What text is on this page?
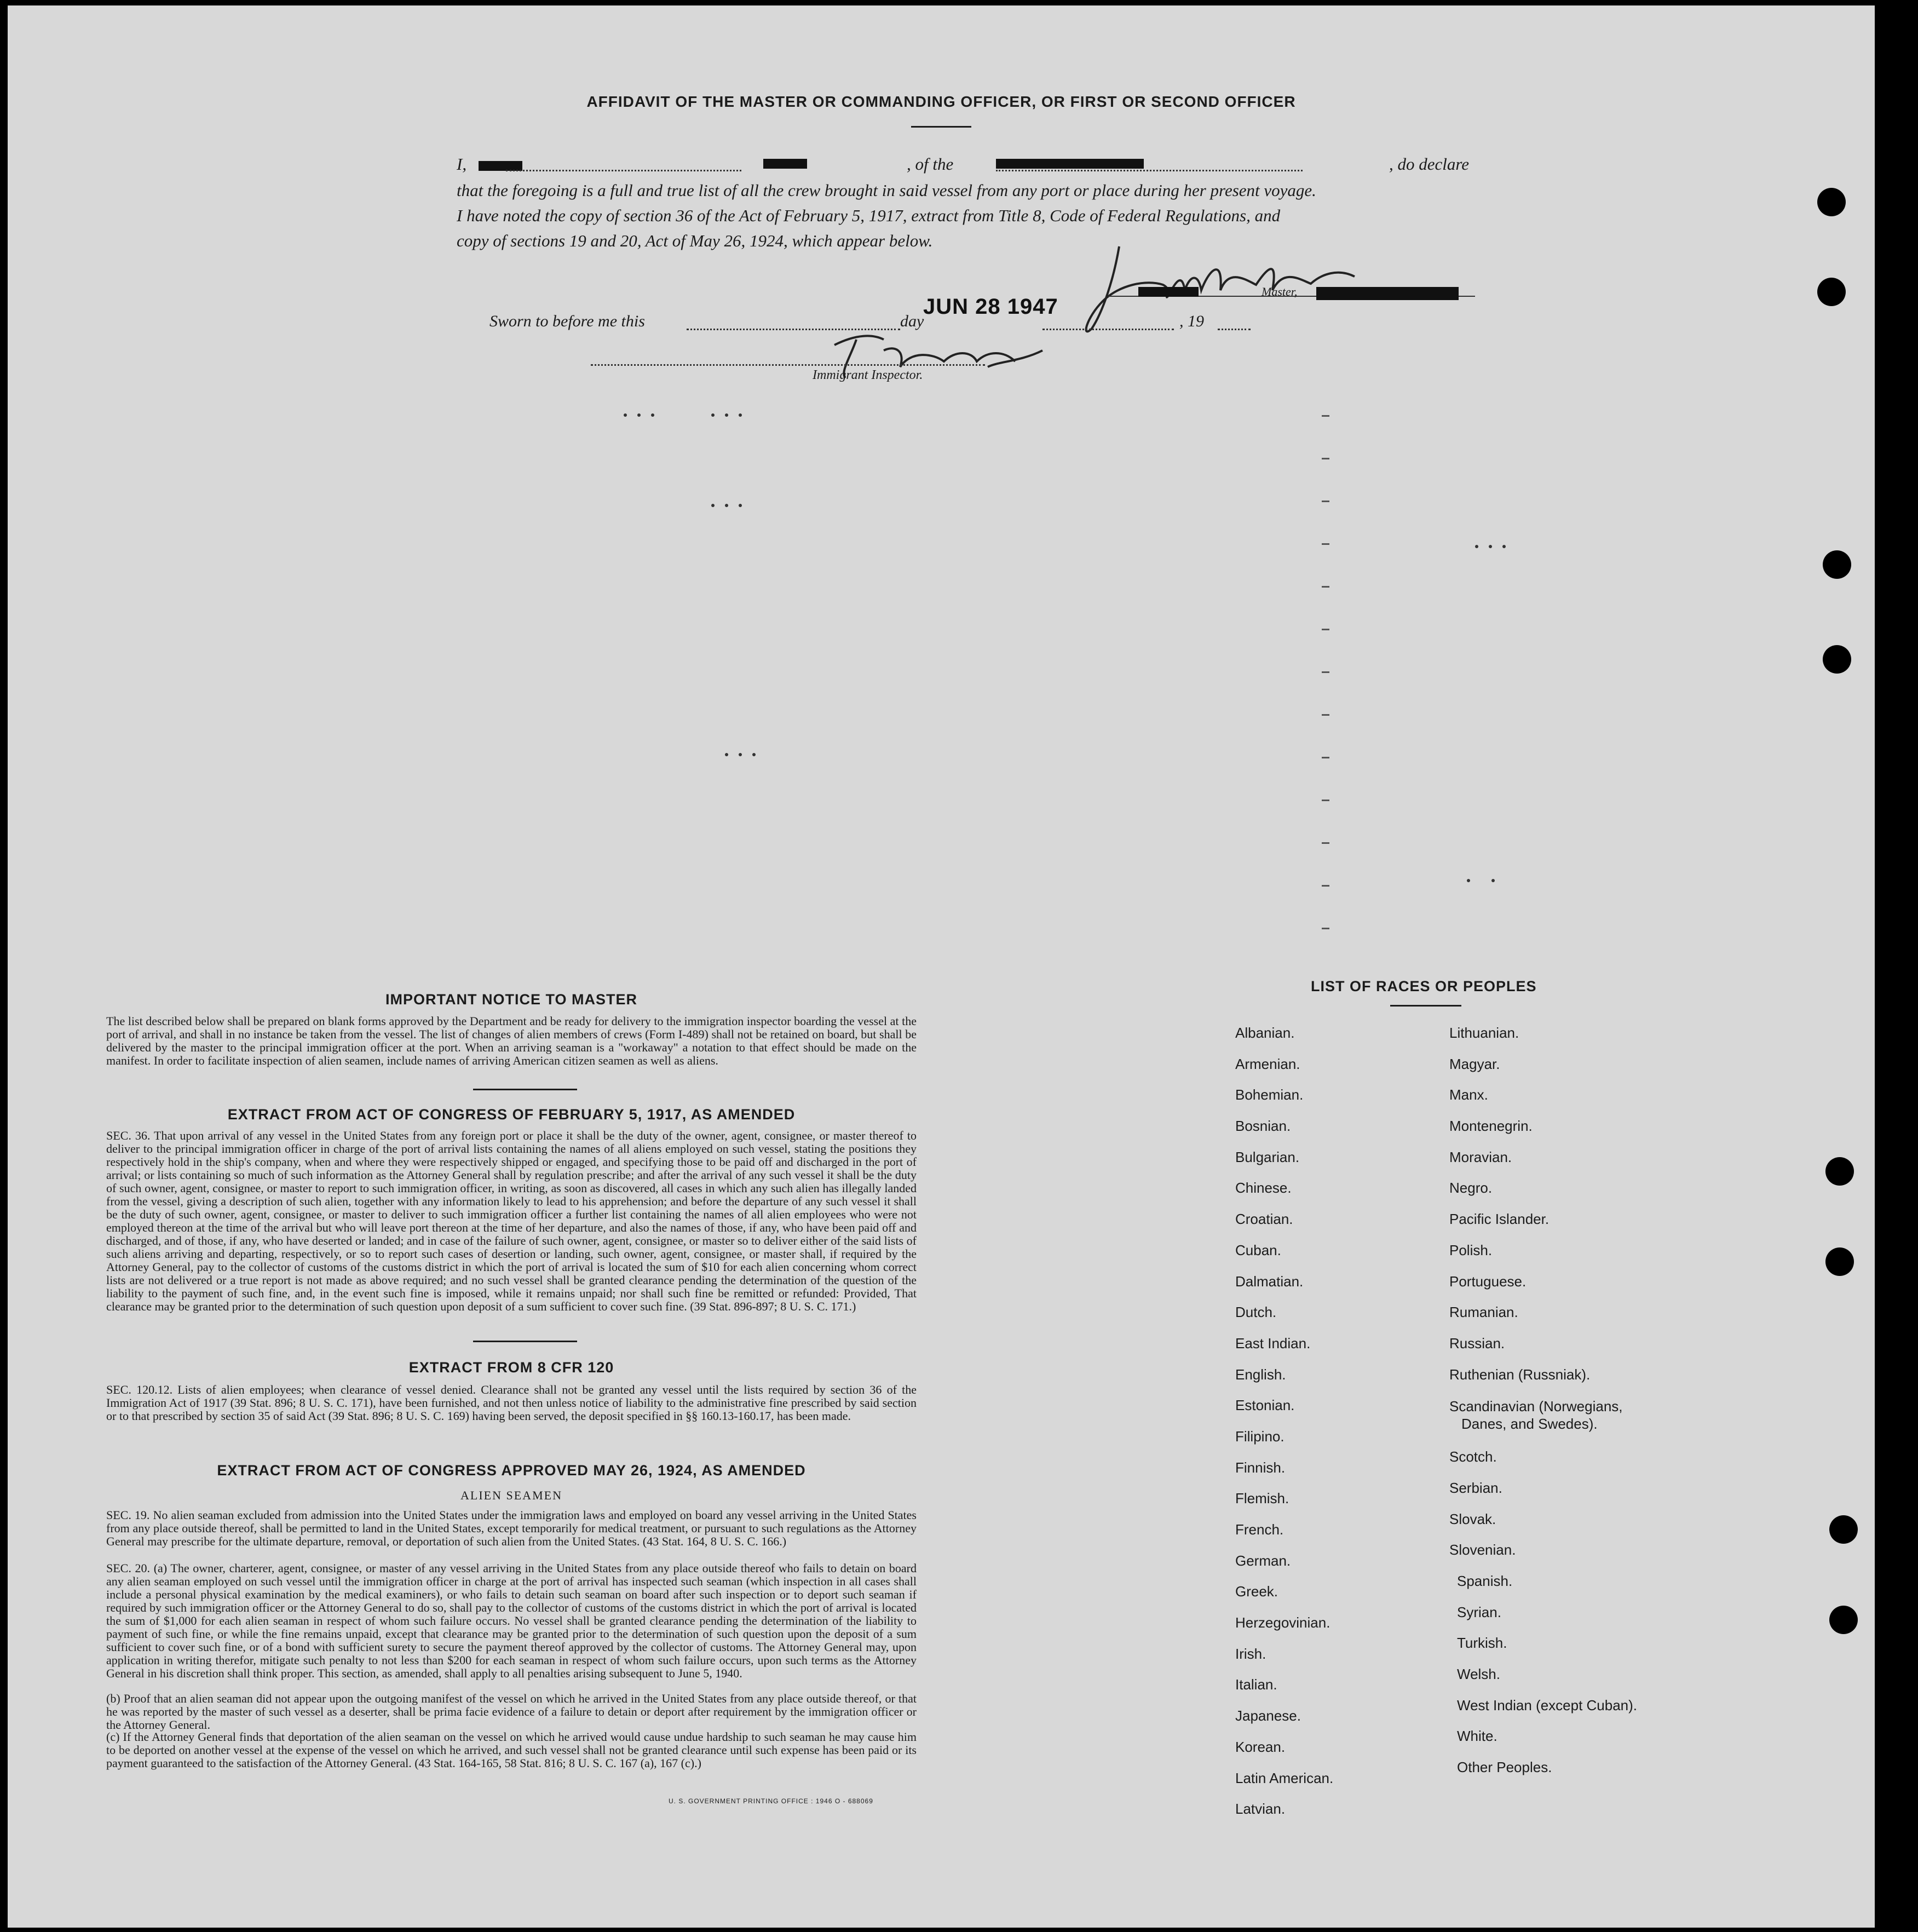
AFFIDAVIT OF THE MASTER OR COMMANDING OFFICER, OR FIRST OR SECOND OFFICER
I,	, of the	, do declare
that the foregoing is a full and true list of all the crew brought in said vessel from any port or place during her present voyage.
I have noted the copy of section 36 of the Act of February 5, 1917, extract from Title 8, Code of Federal Regulations, and
copy of sections 19 and 20, Act of May 26, 1924, which appear below.
Master,
Sworn to before me this	day
JUN 28 1947
, 19
Immigrant Inspector.
IMPORTANT NOTICE TO MASTER
The list described below shall be prepared on blank forms approved by the Department and be ready for delivery to the immigration inspector boarding the vessel at the port of arrival, and shall in no instance be taken from the vessel. The list of changes of alien members of crews (Form I-489) shall not be retained on board, but shall be delivered by the master to the principal immigration officer at the port. When an arriving seaman is a "workaway" a notation to that effect should be made on the manifest. In order to facilitate inspection of alien seamen, include names of arriving American citizen seamen as well as aliens.
EXTRACT FROM ACT OF CONGRESS OF FEBRUARY 5, 1917, AS AMENDED
SEC. 36. That upon arrival of any vessel in the United States from any foreign port or place it shall be the duty of the owner, agent, consignee, or master thereof to deliver to the principal immigration officer in charge of the port of arrival lists containing the names of all aliens employed on such vessel, stating the positions they respectively hold in the ship's company, when and where they were respectively shipped or engaged, and specifying those to be paid off and discharged in the port of arrival; or lists containing so much of such information as the Attorney General shall by regulation prescribe; and after the arrival of any such vessel it shall be the duty of such owner, agent, consignee, or master to report to such immigration officer, in writing, as soon as discovered, all cases in which any such alien has illegally landed from the vessel, giving a description of such alien, together with any information likely to lead to his apprehension; and before the departure of any such vessel it shall be the duty of such owner, agent, consignee, or master to deliver to such immigration officer a further list containing the names of all alien employees who were not employed thereon at the time of the arrival but who will leave port thereon at the time of her departure, and also the names of those, if any, who have been paid off and discharged, and of those, if any, who have deserted or landed; and in case of the failure of such owner, agent, consignee, or master so to deliver either of the said lists of such aliens arriving and departing, respectively, or so to report such cases of desertion or landing, such owner, agent, consignee, or master shall, if required by the Attorney General, pay to the collector of customs of the customs district in which the port of arrival is located the sum of $10 for each alien concerning whom correct lists are not delivered or a true report is not made as above required; and no such vessel shall be granted clearance pending the determination of the question of the liability to the payment of such fine, and, in the event such fine is imposed, while it remains unpaid; nor shall such fine be remitted or refunded: Provided, That clearance may be granted prior to the determination of such question upon deposit of a sum sufficient to cover such fine. (39 Stat. 896-897; 8 U. S. C. 171.)
EXTRACT FROM 8 CFR 120
SEC. 120.12. Lists of alien employees; when clearance of vessel denied. Clearance shall not be granted any vessel until the lists required by section 36 of the Immigration Act of 1917 (39 Stat. 896; 8 U. S. C. 171), have been furnished, and not then unless notice of liability to the administrative fine prescribed by said section or to that prescribed by section 35 of said Act (39 Stat. 896; 8 U. S. C. 169) having been served, the deposit specified in §§ 160.13-160.17, has been made.
EXTRACT FROM ACT OF CONGRESS APPROVED MAY 26, 1924, AS AMENDED
ALIEN SEAMEN
SEC. 19. No alien seaman excluded from admission into the United States under the immigration laws and employed on board any vessel arriving in the United States from any place outside thereof, shall be permitted to land in the United States, except temporarily for medical treatment, or pursuant to such regulations as the Attorney General may prescribe for the ultimate departure, removal, or deportation of such alien from the United States. (43 Stat. 164, 8 U. S. C. 166.)
SEC. 20. (a) The owner, charterer, agent, consignee, or master of any vessel arriving in the United States from any place outside thereof who fails to detain on board any alien seaman employed on such vessel until the immigration officer in charge at the port of arrival has inspected such seaman (which inspection in all cases shall include a personal physical examination by the medical examiners), or who fails to detain such seaman on board after such inspection or to deport such seaman if required by such immigration officer or the Attorney General to do so, shall pay to the collector of customs of the customs district in which the port of arrival is located the sum of $1,000 for each alien seaman in respect of whom such failure occurs. No vessel shall be granted clearance pending the determination of the liability to payment of such fine, or while the fine remains unpaid, except that clearance may be granted prior to the determination of such question upon the deposit of a sum sufficient to cover such fine, or of a bond with sufficient surety to secure the payment thereof approved by the collector of customs. The Attorney General may, upon application in writing therefor, mitigate such penalty to not less than $200 for each seaman in respect of whom such failure occurs, upon such terms as the Attorney General in his discretion shall think proper. This section, as amended, shall apply to all penalties arising subsequent to June 5, 1940.
(b) Proof that an alien seaman did not appear upon the outgoing manifest of the vessel on which he arrived in the United States from any place outside thereof, or that he was reported by the master of such vessel as a deserter, shall be prima facie evidence of a failure to detain or deport after requirement by the immigration officer or the Attorney General.
(c) If the Attorney General finds that deportation of the alien seaman on the vessel on which he arrived would cause undue hardship to such seaman he may cause him to be deported on another vessel at the expense of the vessel on which he arrived, and such vessel shall not be granted clearance until such expense has been paid or its payment guaranteed to the satisfaction of the Attorney General. (43 Stat. 164-165, 58 Stat. 816; 8 U. S. C. 167 (a), 167 (c).)
U. S. GOVERNMENT PRINTING OFFICE : 1946 O - 688069
LIST OF RACES OR PEOPLES
Albanian.
Armenian.
Bohemian.
Bosnian.
Bulgarian.
Chinese.
Croatian.
Cuban.
Dalmatian.
Dutch.
East Indian.
English.
Estonian.
Filipino.
Finnish.
Flemish.
French.
German.
Greek.
Herzegovinian.
Irish.
Italian.
Japanese.
Korean.
Latin American.
Latvian.
Lithuanian.
Magyar.
Manx.
Montenegrin.
Moravian.
Negro.
Pacific Islander.
Polish.
Portuguese.
Rumanian.
Russian.
Ruthenian (Russniak).
Scandinavian (Norwegians,
Danes, and Swedes).
Scotch.
Serbian.
Slovak.
Slovenian.
Spanish.
Syrian.
Turkish.
Welsh.
West Indian (except Cuban).
White.
Other Peoples.
